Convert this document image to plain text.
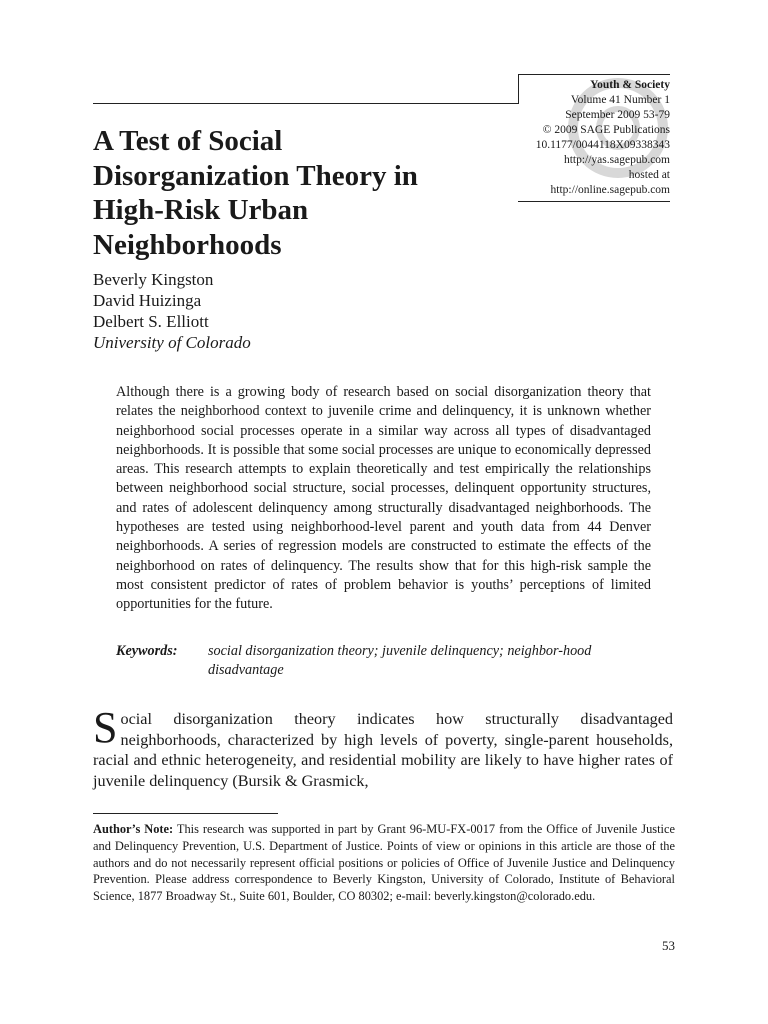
Youth & Society
Volume 41 Number 1
September 2009 53-79
© 2009 SAGE Publications
10.1177/0044118X09338343
http://yas.sagepub.com
hosted at
http://online.sagepub.com
A Test of Social
Disorganization Theory in
High-Risk Urban
Neighborhoods
Beverly Kingston
David Huizinga
Delbert S. Elliott
University of Colorado

Although there is a growing body of research based on social disorganization theory that relates the neighborhood context to juvenile crime and delinquency, it is unknown whether neighborhood social processes operate in a similar way across all types of disadvantaged neighborhoods. It is possible that some social processes are unique to economically depressed areas. This research attempts to explain theoretically and test empirically the relationships between neighborhood social structure, social processes, delinquent opportunity structures, and rates of adolescent delinquency among structurally disadvantaged neighborhoods. The hypotheses are tested using neighborhood-level parent and youth data from 44 Denver neighborhoods. A series of regression models are constructed to estimate the effects of the neighborhood on rates of delinquency. The results show that for this high-risk sample the most consistent predictor of rates of problem behavior is youths’ perceptions of limited opportunities for the future.

Keywords: social disorganization theory; juvenile delinquency; neighbor-hood disadvantage

Social disorganization theory indicates how structurally disadvantaged neighborhoods, characterized by high levels of poverty, single-parent households, racial and ethnic heterogeneity, and residential mobility are likely to have higher rates of juvenile delinquency (Bursik & Grasmick,

Author’s Note: This research was supported in part by Grant 96-MU-FX-0017 from the Office of Juvenile Justice and Delinquency Prevention, U.S. Department of Justice. Points of view or opinions in this article are those of the authors and do not necessarily represent official positions or policies of Office of Juvenile Justice and Delinquency Prevention. Please address correspondence to Beverly Kingston, University of Colorado, Institute of Behavioral Science, 1877 Broadway St., Suite 601, Boulder, CO 80302; e-mail: beverly.kingston@colorado.edu.

53
